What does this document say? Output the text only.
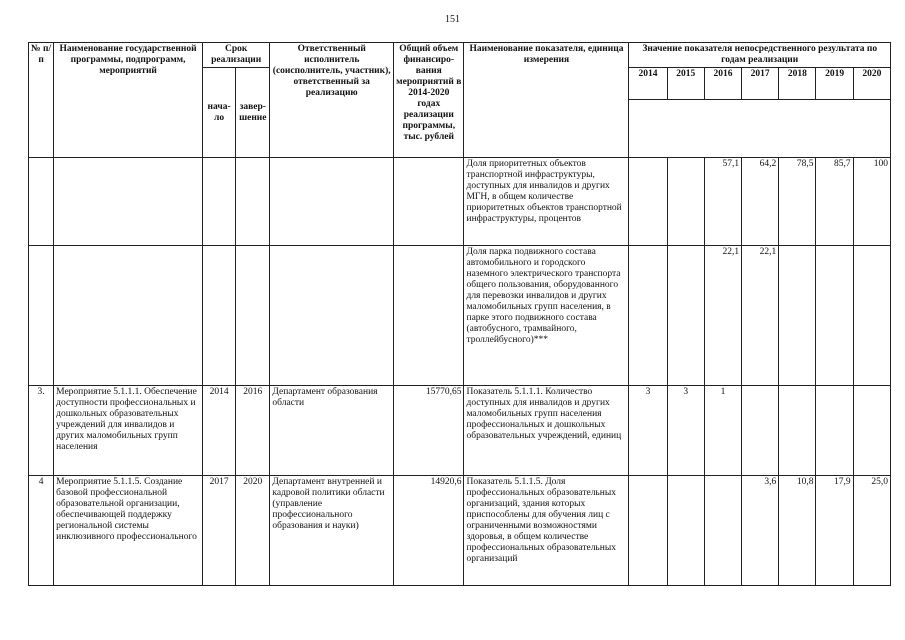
151
№ п/п	Наименование государственной программы, подпрограмм, мероприятий	Срок реализации		Ответственный исполнитель (соисполнитель, участник), ответственный за реализацию	Общий объем финансиро-вания мероприятий в 2014-2020 годах реализации программы, тыс. рублей	Наименование показателя, единица измерения	Значение показателя непосредственного результата по годам реализации						
		нача-ло	завер-шение				2014	2015	2016	2017	2018	2019	2020

						Доля приоритетных объектов транспортной инфраструктуры, доступных для инвалидов и других МГН, в общем количестве приоритетных объектов транспортной инфраструктуры, процентов			57,1	64,2	78,5	85,7	100
						Доля парка подвижного состава автомобильного и городского наземного электрического транспорта общего пользования, оборудованного для перевозки инвалидов и других маломобильных групп населения, в парке этого подвижного состава (автобусного, трамвайного, троллейбусного)***			22,1	22,1			
3.	Мероприятие 5.1.1.1. Обеспечение доступности профессиональных и дошкольных образовательных учреждений для инвалидов и других маломобильных групп населения	2014	2016	Департамент образования области	15770,65	Показатель 5.1.1.1. Количество доступных для инвалидов и других маломобильных групп населения профессиональных и дошкольных образовательных учреждений, единиц	3	3	1				
4	Мероприятие 5.1.1.5. Создание базовой профессиональной образовательной организации, обеспечивающей поддержку региональной системы инклюзивного профессионального	2017	2020	Департамент внутренней и кадровой политики области (управление профессионального образования и науки)	14920,6	Показатель 5.1.1.5. Доля профессиональных образовательных организаций, здания которых приспособлены для обучения лиц с ограниченными возможностями здоровья, в общем количестве профессиональных образовательных организаций				3,6	10,8	17,9	25,0
